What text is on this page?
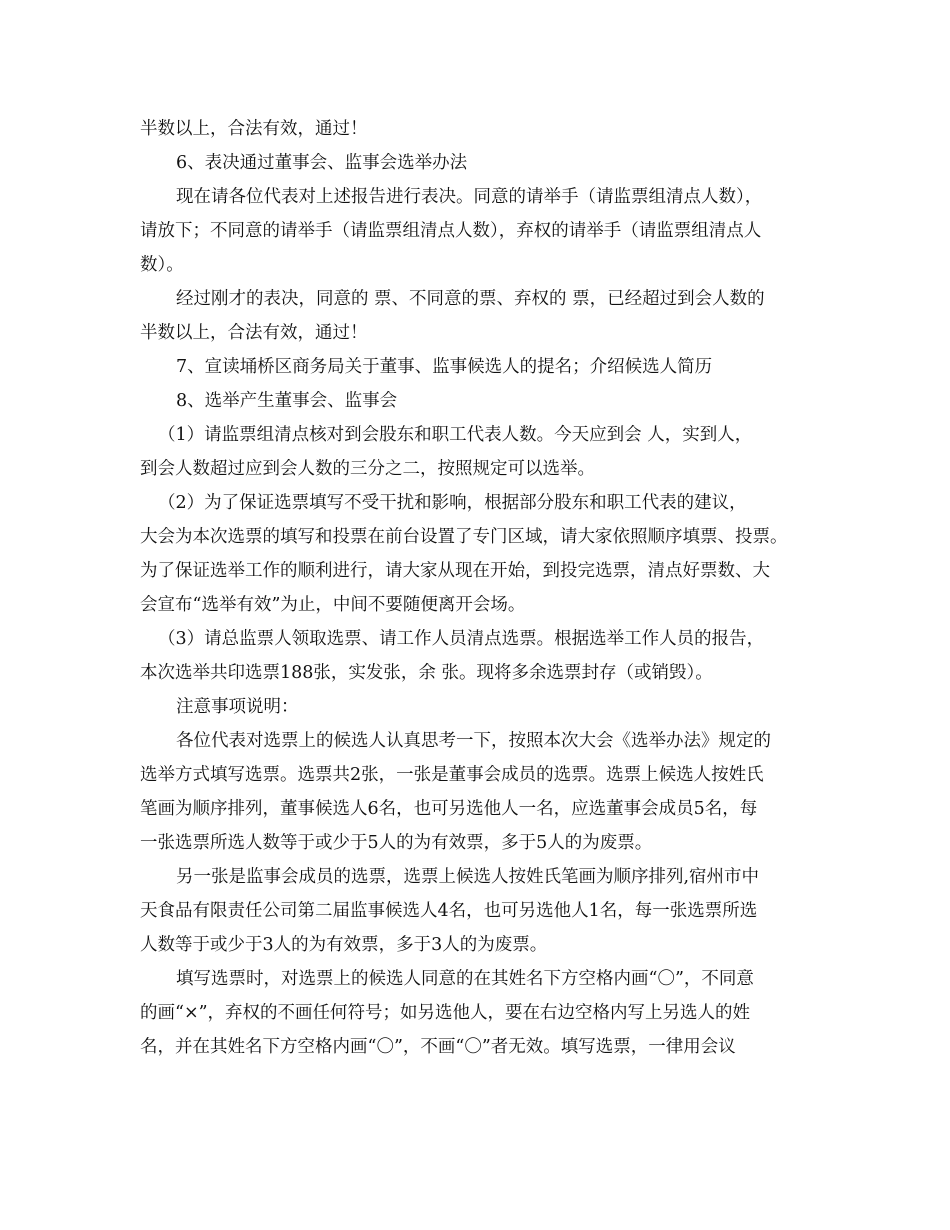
半数以上，合法有效，通过！
6、表决通过董事会、监事会选举办法
现在请各位代表对上述报告进行表决。同意的请举手（请监票组清点人数），
请放下；不同意的请举手（请监票组清点人数），弃权的请举手（请监票组清点人
数）。
经过刚才的表决，同意的 票、不同意的票、弃权的 票，已经超过到会人数的
半数以上，合法有效，通过！
7、宣读埇桥区商务局关于董事、监事候选人的提名；介绍候选人简历
8、选举产生董事会、监事会
（1）请监票组清点核对到会股东和职工代表人数。今天应到会 人，实到人，
到会人数超过应到会人数的三分之二，按照规定可以选举。
（2）为了保证选票填写不受干扰和影响，根据部分股东和职工代表的建议，
大会为本次选票的填写和投票在前台设置了专门区域，请大家依照顺序填票、投票。
为了保证选举工作的顺利进行，请大家从现在开始，到投完选票，清点好票数、大
会宣布“选举有效”为止，中间不要随便离开会场。
（3）请总监票人领取选票、请工作人员清点选票。根据选举工作人员的报告，
本次选举共印选票188张，实发张，余 张。现将多余选票封存（或销毁）。
注意事项说明：
各位代表对选票上的候选人认真思考一下，按照本次大会《选举办法》规定的
选举方式填写选票。选票共2张，一张是董事会成员的选票。选票上候选人按姓氏
笔画为顺序排列，董事候选人6名，也可另选他人一名，应选董事会成员5名，每
一张选票所选人数等于或少于5人的为有效票，多于5人的为废票。
另一张是监事会成员的选票，选票上候选人按姓氏笔画为顺序排列,宿州市中
天食品有限责任公司第二届监事候选人4名，也可另选他人1名，每一张选票所选
人数等于或少于3人的为有效票，多于3人的为废票。
填写选票时，对选票上的候选人同意的在其姓名下方空格内画“〇”，不同意
的画“×”，弃权的不画任何符号；如另选他人，要在右边空格内写上另选人的姓
名，并在其姓名下方空格内画“〇”，不画“〇”者无效。填写选票，一律用会议
